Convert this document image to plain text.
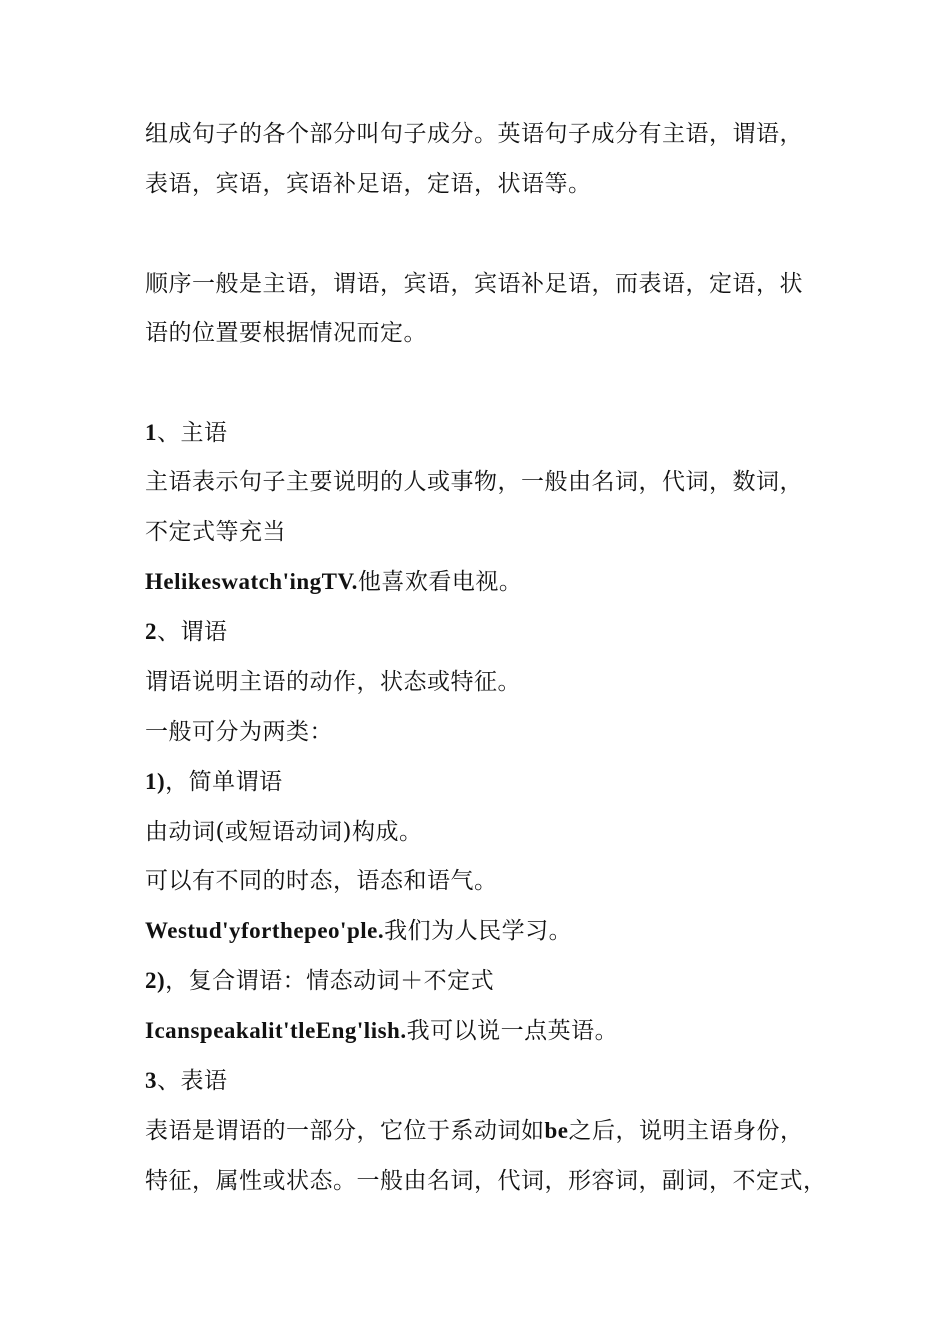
组成句子的各个部分叫句子成分。英语句子成分有主语，谓语，
表语，宾语，宾语补足语，定语，状语等。
顺序一般是主语，谓语，宾语，宾语补足语，而表语，定语，状
语的位置要根据情况而定。
1、主语
主语表示句子主要说明的人或事物，一般由名词，代词，数词，
不定式等充当
Helikeswatch'ingTV.他喜欢看电视。
2、谓语
谓语说明主语的动作，状态或特征。
一般可分为两类：
1)，简单谓语
由动词(或短语动词)构成。
可以有不同的时态，语态和语气。
Westud'yforthepeo'ple.我们为人民学习。
2)，复合谓语：情态动词＋不定式
Icanspeakalit'tleEng'lish.我可以说一点英语。
3、表语
表语是谓语的一部分，它位于系动词如be之后，说明主语身份，
特征，属性或状态。一般由名词，代词，形容词，副词，不定式，
